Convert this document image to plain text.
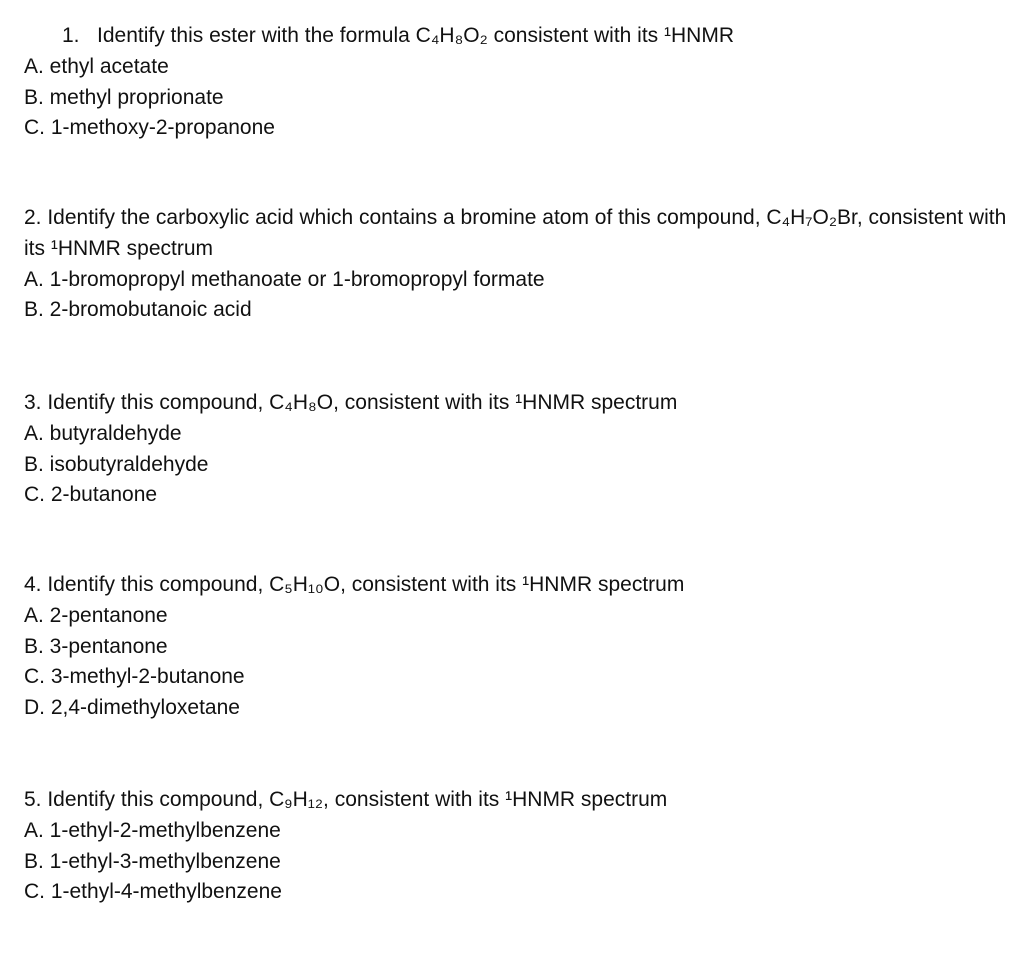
1.   Identify this ester with the formula C₄H₈O₂ consistent with its ¹HNMR
A. ethyl acetate
B. methyl proprionate
C. 1-methoxy-2-propanone
2. Identify the carboxylic acid which contains a bromine atom of this compound, C₄H₇O₂Br, consistent with its ¹HNMR spectrum
A. 1-bromopropyl methanoate or 1-bromopropyl formate
B. 2-bromobutanoic acid
3. Identify this compound, C₄H₈O, consistent with its ¹HNMR spectrum
A. butyraldehyde
B. isobutyraldehyde
C. 2-butanone
4. Identify this compound, C₅H₁₀O, consistent with its ¹HNMR spectrum
A. 2-pentanone
B. 3-pentanone
C. 3-methyl-2-butanone
D. 2,4-dimethyloxetane
5. Identify this compound, C₉H₁₂, consistent with its ¹HNMR spectrum
A. 1-ethyl-2-methylbenzene
B. 1-ethyl-3-methylbenzene
C. 1-ethyl-4-methylbenzene
